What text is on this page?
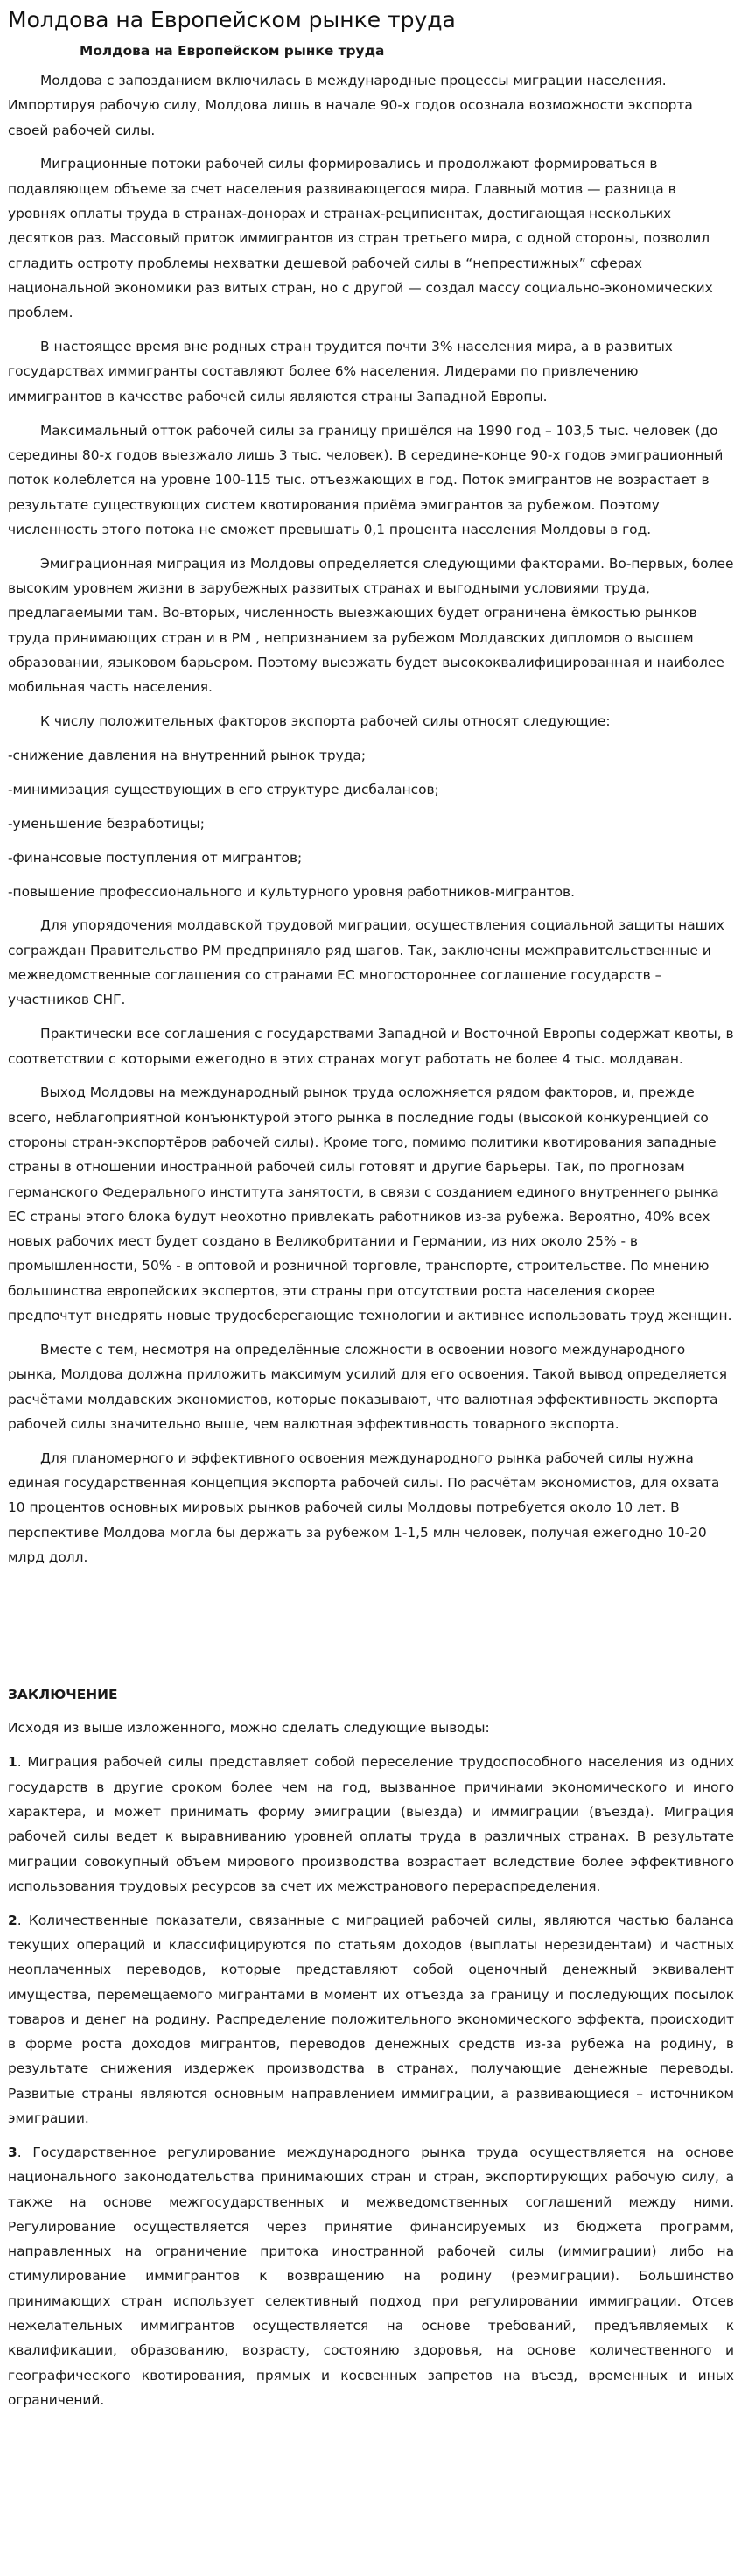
Молдова на Европейском рынке труда
Молдова на Европейском рынке труда

Молдова с запозданием включилась в международные процессы миграции населения. Импортируя рабочую силу, Молдова лишь в начале 90-х годов осознала возможности экспорта своей рабочей силы.

Миграционные потоки рабочей силы формировались и продолжают формироваться в подавляющем объеме за счет населения развивающегося мира. Главный мотив — разница в уровнях оплаты труда в странах-донорах и странах-реципиентах, достигающая нескольких десятков раз. Массовый приток иммигрантов из стран третьего мира, с одной стороны, позволил сгладить остроту проблемы нехватки дешевой рабочей силы в “непрестижных” сферах национальной экономики раз витых стран, но с другой — создал массу социально-экономических проблем.

В настоящее время вне родных стран трудится почти 3% населения мира, а в развитых государствах иммигранты составляют более 6% населения. Лидерами по привлечению иммигрантов в качестве рабочей силы являются страны Западной Европы.

Максимальный отток рабочей силы за границу пришёлся на 1990 год – 103,5 тыс. человек (до середины 80-х годов выезжало лишь 3 тыс. человек). В середине-конце 90-х годов эмиграционный поток колеблется на уровне 100-115 тыс. отъезжающих в год. Поток эмигрантов не возрастает в результате существующих систем квотирования приёма эмигрантов за рубежом. Поэтому численность этого потока не сможет превышать 0,1 процента населения Молдовы в год.

Эмиграционная миграция из Молдовы определяется следующими факторами. Во-первых, более высоким уровнем жизни в зарубежных развитых странах и выгодными условиями труда, предлагаемыми там. Во-вторых, численность выезжающих будет ограничена ёмкостью рынков труда принимающих стран и в РМ , непризнанием за рубежом Молдавских дипломов о высшем образовании, языковом барьером. Поэтому выезжать будет высококвалифицированная и наиболее мобильная часть населения.

К числу положительных факторов экспорта рабочей силы относят следующие:

-снижение давления на внутренний рынок труда;

-минимизация существующих в его структуре дисбалансов;

-уменьшение безработицы;

-финансовые поступления от мигрантов;

-повышение профессионального и культурного уровня работников-мигрантов.

Для упорядочения молдавской трудовой миграции, осуществления социальной защиты наших сограждан Правительство РМ предприняло ряд шагов. Так, заключены межправительственные и межведомственные соглашения со странами ЕС многостороннее соглашение государств – участников СНГ.

Практически все соглашения с государствами Западной и Восточной Европы содержат квоты, в соответствии с которыми ежегодно в этих странах могут работать не более 4 тыс. молдаван.

Выход Молдовы на международный рынок труда осложняется рядом факторов, и, прежде всего, неблагоприятной конъюнктурой этого рынка в последние годы (высокой конкуренцией со стороны стран-экспортёров рабочей силы). Кроме того, помимо политики квотирования западные страны в отношении иностранной рабочей силы готовят и другие барьеры. Так, по прогнозам германского Федерального института занятости, в связи с созданием единого внутреннего рынка ЕС страны этого блока будут неохотно привлекать работников из-за рубежа. Вероятно, 40% всех новых рабочих мест будет создано в Великобритании и Германии, из них около 25% - в промышленности, 50% - в оптовой и розничной торговле, транспорте, строительстве. По мнению большинства европейских экспертов, эти страны при отсутствии роста населения скорее предпочтут внедрять новые трудосберегающие технологии и активнее использовать труд женщин.

Вместе с тем, несмотря на определённые сложности в освоении нового международного рынка, Молдова должна приложить максимум усилий для его освоения. Такой вывод определяется расчётами молдавских экономистов, которые показывают, что валютная эффективность экспорта рабочей силы значительно выше, чем валютная эффективность товарного экспорта.

Для планомерного и эффективного освоения международного рынка рабочей силы нужна единая государственная концепция экспорта рабочей силы. По расчётам экономистов, для охвата 10 процентов основных мировых рынков рабочей силы Молдовы потребуется около 10 лет. В перспективе Молдова могла бы держать за рубежом 1-1,5 млн человек, получая ежегодно 10-20 млрд долл.

ЗАКЛЮЧЕНИЕ

Исходя из выше изложенного, можно сделать следующие выводы:

1. Миграция рабочей силы представляет собой переселение трудоспособного населения из одних государств в другие сроком более чем на год, вызванное причинами экономического и иного характера, и может принимать форму эмиграции (выезда) и иммиграции (въезда). Миграция рабочей силы ведет к выравниванию уровней оплаты труда в различных странах. В результате миграции совокупный объем мирового производства возрастает вследствие более эффективного использования трудовых ресурсов за счет их межстранового перераспределения.

2. Количественные показатели, связанные с миграцией рабочей силы, являются частью баланса текущих операций и классифицируются по статьям доходов (выплаты нерезидентам) и частных неоплаченных переводов, которые представляют собой оценочный денежный эквивалент имущества, перемещаемого мигрантами в момент их отъезда за границу и последующих посылок товаров и денег на родину. Распределение положительного экономического эффекта, происходит в форме роста доходов мигрантов, переводов денежных средств из-за рубежа на родину, в результате снижения издержек производства в странах, получающие денежные переводы. Развитые страны являются основным направлением иммиграции, а развивающиеся – источником эмиграции.

3. Государственное регулирование международного рынка труда осуществляется на основе национального законодательства принимающих стран и стран, экспортирующих рабочую силу, а также на основе межгосударственных и межведомственных соглашений между ними. Регулирование осуществляется через принятие финансируемых из бюджета программ, направленных на ограничение притока иностранной рабочей силы (иммиграции) либо на стимулирование иммигрантов к возвращению на родину (реэмиграции). Большинство принимающих стран использует селективный подход при регулировании иммиграции. Отсев нежелательных иммигрантов осуществляется на основе требований, предъявляемых к квалификации, образованию, возрасту, состоянию здоровья, на основе количественного и географического квотирования, прямых и косвенных запретов на въезд, временных и иных ограничений.
